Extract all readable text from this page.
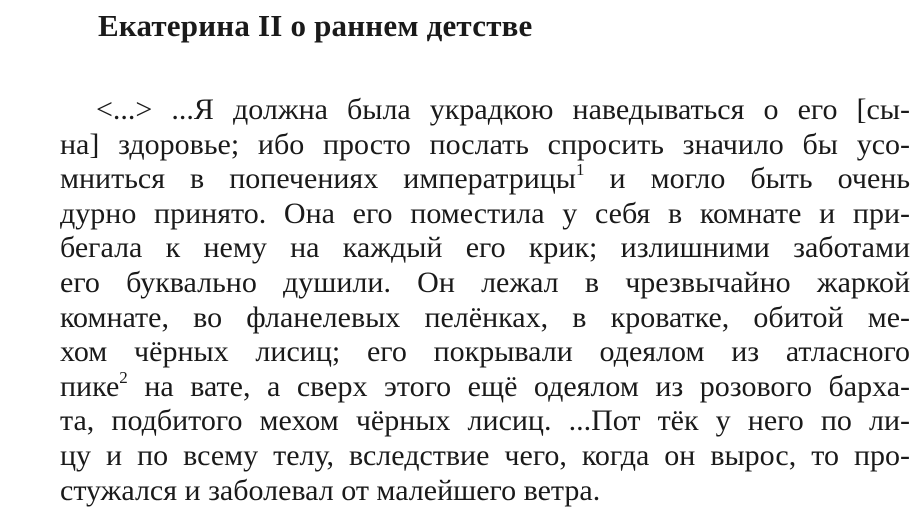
Екатерина II о раннем детстве
<...> ...Я должна была украдкою наведываться о его [сы-
на] здоровье; ибо просто послать спросить значило бы усо-
мниться в попечениях императрицы$^1$ и могло быть очень
дурно принято. Она его поместила у себя в комнате и при-
бегала к нему на каждый его крик; излишними заботами
его буквально душили. Он лежал в чрезвычайно жаркой
комнате, во фланелевых пелёнках, в кроватке, обитой ме-
хом чёрных лисиц; его покрывали одеялом из атласного
пике$^2$ на вате, а сверх этого ещё одеялом из розового барха-
та, подбитого мехом чёрных лисиц. ...Пот тёк у него по ли-
цу и по всему телу, вследствие чего, когда он вырос, то про-
стужался и заболевал от малейшего ветра.
